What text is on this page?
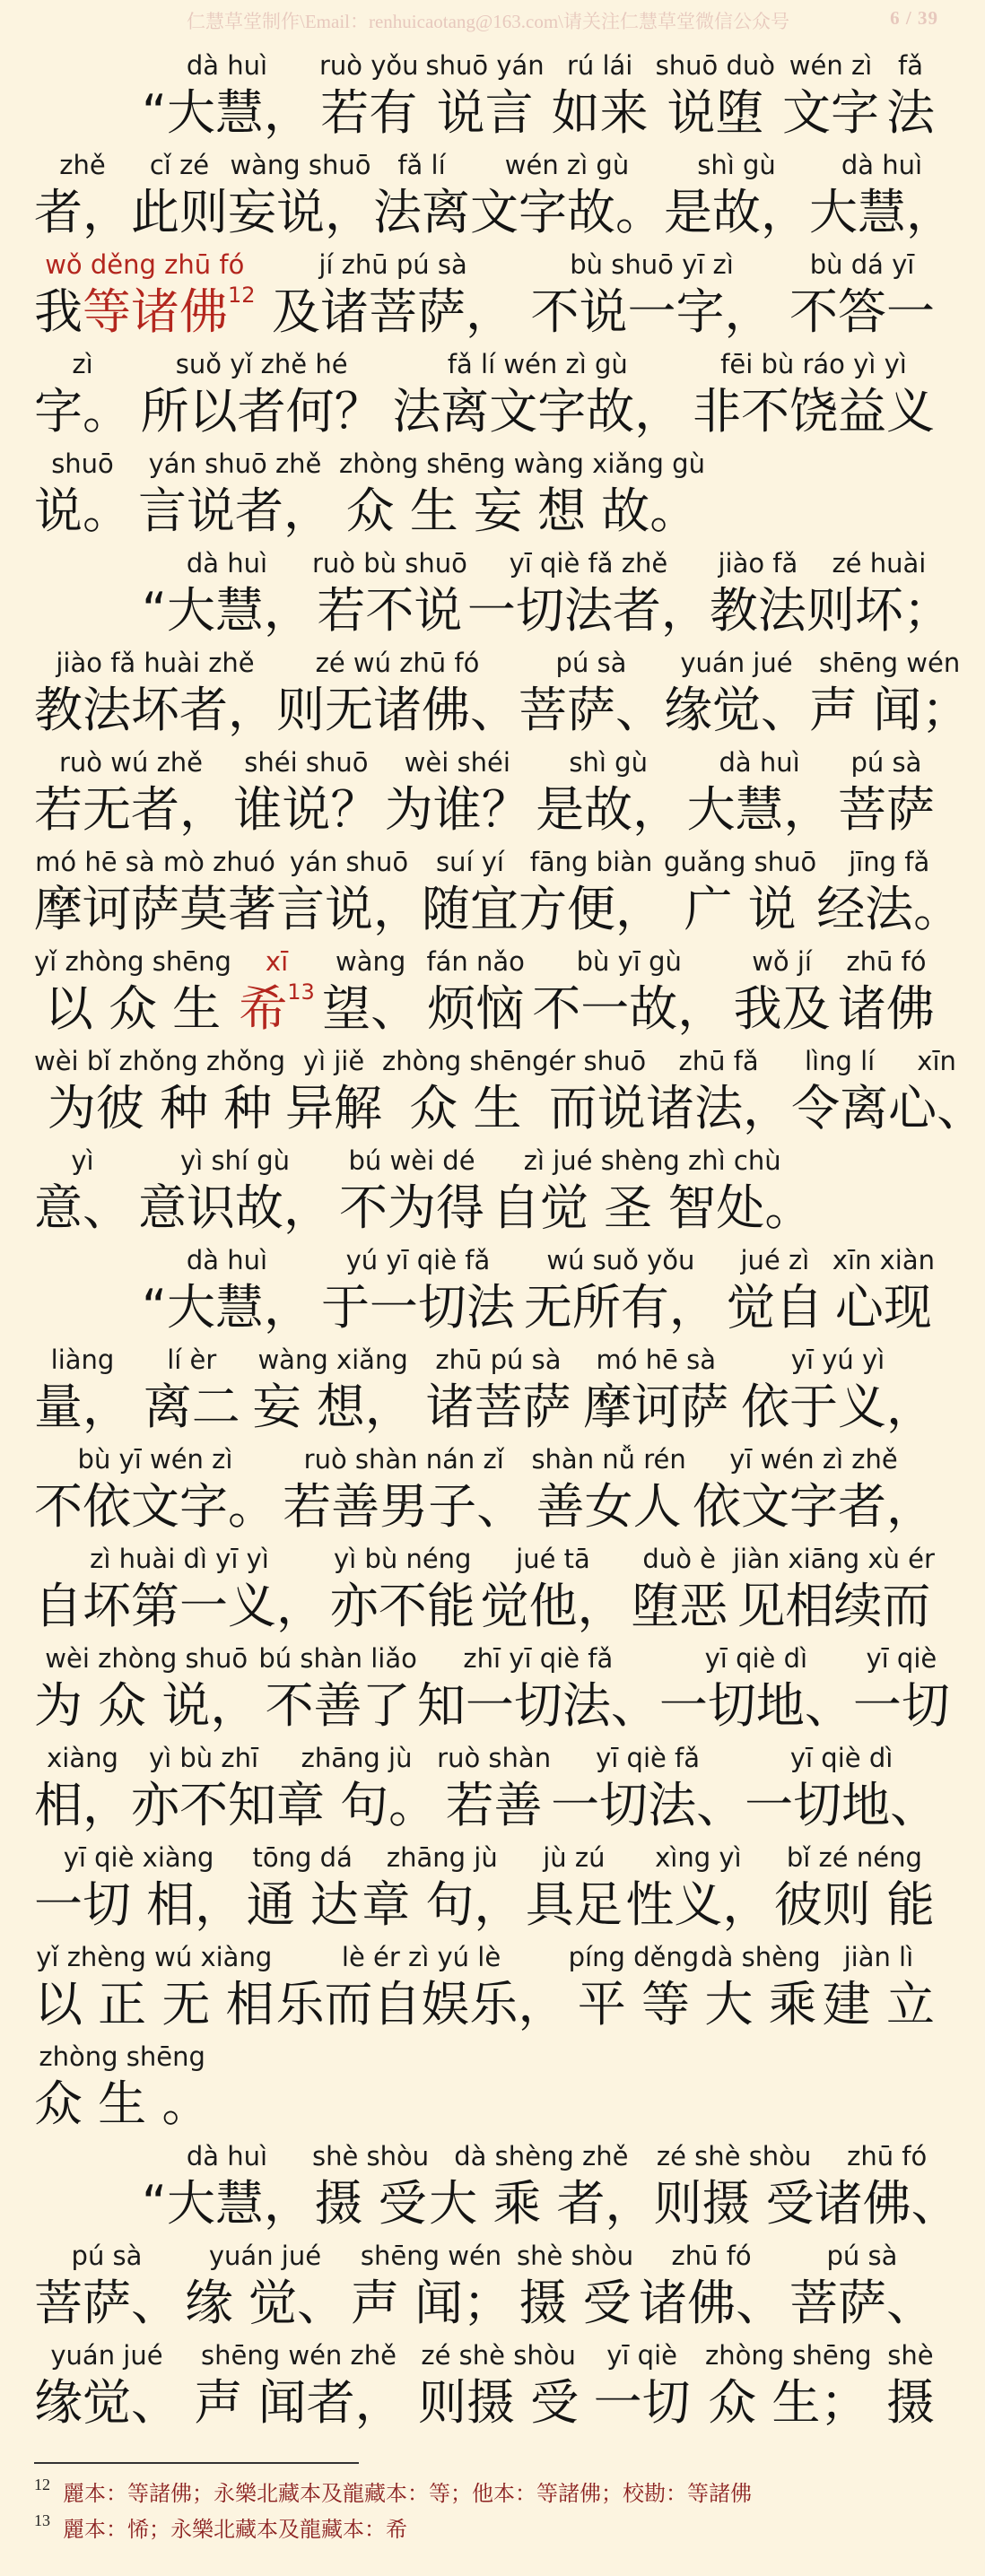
仁慧草堂制作\Email：renhuicaotang@163.com\请关注仁慧草堂微信公众号	6 / 39
dà huì
“大慧，
ruò yǒu
若有
shuō yán
说言
rú lái
如来
shuō duò
说堕
wén zì
文字
fǎ
法
zhě
者，
cǐ zé
此则
wàng shuō
妄说，
fǎ lí
法离
wén zì gù
文字故。
shì gù
是故，
dà huì
大慧，
wǒ děng zhū fó
我等诸佛$^{12}$
jí zhū pú sà
及诸菩萨，
bù shuō yī zì
不说一字，
bù dá yī
不答一
zì
字。
suǒ yǐ zhě hé
所以者何？
fǎ lí wén zì gù
法离文字故，
fēi bù ráo yì yì
非不饶益义
shuō
说。
yán shuō zhě
言说者，
zhòng shēng wàng xiǎng gù
众 生 妄 想 故。
dà huì
“大慧，
ruò bù shuō
若不说
yī qiè fǎ zhě
一切法者，
jiào fǎ
教法
zé huài
则坏；
jiào fǎ huài zhě
教法坏者，
zé wú zhū fó
则无诸佛、
pú sà
菩萨、
yuán jué
缘觉、
shēng wén
声 闻；
ruò wú zhě
若无者，
shéi shuō
谁说？
wèi shéi
为谁？
shì gù
是故，
dà huì
大慧，
pú sà
菩萨
mó hē sà mò zhuó
摩诃萨莫著
yán shuō
言说，
suí yí
随宜
fāng biàn
方便，
guǎng shuō
广 说
jīng fǎ
经法。
yǐ zhòng shēng
以 众 生
xī
希$^{13}$
wàng
望、
fán nǎo
烦恼
bù yī gù
不一故，
wǒ jí
我及
zhū fó
诸佛
wèi bǐ zhǒng zhǒng
为彼 种 种
yì jiě
异解
zhòng shēng
众 生
ér shuō
而说
zhū fǎ
诸法，
lìng lí
令离
xīn
心、
yì
意、
yì shí gù
意识故，
bú wèi dé
不为得
zì jué shèng zhì chù
自觉 圣 智处。
dà huì
“大慧，
yú yī qiè fǎ
于一切法
wú suǒ yǒu
无所有，
jué zì
觉自
xīn xiàn
心现
liàng
量，
lí èr
离二
wàng xiǎng
妄 想，
zhū pú sà
诸菩萨
mó hē sà
摩诃萨
yī yú yì
依于义，
bù yī wén zì
不依文字。
ruò shàn nán zǐ
若善男子、
shàn nǚ rén
善女人
yī wén zì zhě
依文字者，
zì huài dì yī yì
自坏第一义，
yì bù néng
亦不能
jué tā
觉他，
duò è
堕恶
jiàn xiāng xù ér
见相续而
wèi zhòng shuō
为 众 说，
bú shàn liǎo
不善了
zhī yī qiè fǎ
知一切法、
yī qiè dì
一切地、
yī qiè
一切
xiàng
相，
yì bù zhī
亦不知
zhāng jù
章 句。
ruò shàn
若善
yī qiè fǎ
一切法、
yī qiè dì
一切地、
yī qiè xiàng
一切 相，
tōng dá
通 达
zhāng jù
章 句，
jù zú
具足
xìng yì
性义，
bǐ zé néng
彼则 能
yǐ zhèng wú xiàng
以 正 无 相
lè ér zì yú lè
乐而自娱乐，
píng děng
平 等
dà shèng
大 乘
jiàn lì
建 立
zhòng shēng
众 生 。
dà huì
“大慧，
shè shòu
摄 受
dà shèng zhě
大 乘 者，
zé shè shòu
则摄 受
zhū fó
诸佛、
pú sà
菩萨、
yuán jué
缘 觉、
shēng wén
声 闻；
shè shòu
摄 受
zhū fó
诸佛、
pú sà
菩萨、
yuán jué
缘觉、
shēng wén zhě
声 闻者，
zé shè shòu
则摄 受
yī qiè
一切
zhòng shēng
众 生；
shè
摄
$^{12}$ 麗本：等諸佛；永樂北藏本及龍藏本：等；他本：等諸佛；校勘：等諸佛
$^{13}$ 麗本：悕；永樂北藏本及龍藏本：希
